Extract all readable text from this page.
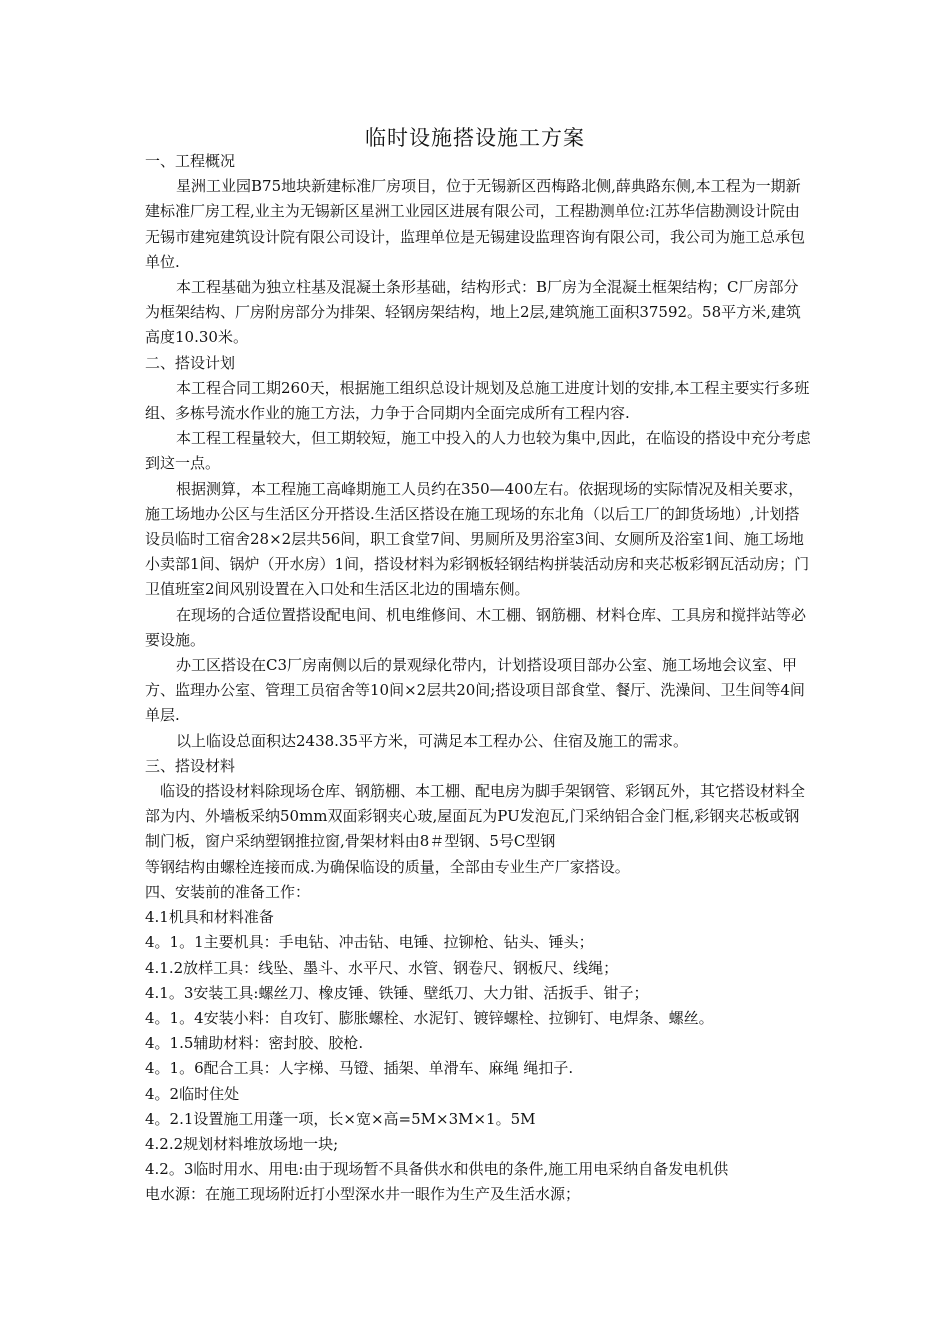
临时设施搭设施工方案

一、工程概况

星洲工业园B75地块新建标准厂房项目，位于无锡新区西梅路北侧,薛典路东侧,本工程为一期新建标准厂房工程,业主为无锡新区星洲工业园区进展有限公司，工程勘测单位:江苏华信勘测设计院由无锡市建宛建筑设计院有限公司设计，监理单位是无锡建设监理咨询有限公司，我公司为施工总承包单位.

本工程基础为独立柱基及混凝土条形基础，结构形式：B厂房为全混凝土框架结构；C厂房部分为框架结构、厂房附房部分为排架、轻钢房架结构，地上2层,建筑施工面积37592。58平方米,建筑高度10.30米。

二、搭设计划

本工程合同工期260天，根据施工组织总设计规划及总施工进度计划的安排,本工程主要实行多班组、多栋号流水作业的施工方法，力争于合同期内全面完成所有工程内容.

本工程工程量较大，但工期较短，施工中投入的人力也较为集中,因此，在临设的搭设中充分考虑到这一点。

根据测算，本工程施工高峰期施工人员约在350—400左右。依据现场的实际情况及相关要求，施工场地办公区与生活区分开搭设.生活区搭设在施工现场的东北角（以后工厂的卸货场地）,计划搭设员临时工宿舍28×2层共56间，职工食堂7间、男厕所及男浴室3间、女厕所及浴室1间、施工场地小卖部1间、锅炉（开水房）1间，搭设材料为彩钢板轻钢结构拼装活动房和夹芯板彩钢瓦活动房；门卫值班室2间风别设置在入口处和生活区北边的围墙东侧。

在现场的合适位置搭设配电间、机电维修间、木工棚、钢筋棚、材料仓库、工具房和搅拌站等必要设施。

办工区搭设在C3厂房南侧以后的景观绿化带内，计划搭设项目部办公室、施工场地会议室、甲方、监理办公室、管理工员宿舍等10间×2层共20间;搭设项目部食堂、餐厅、洗澡间、卫生间等4间单层.

以上临设总面积达2438.35平方米，可满足本工程办公、住宿及施工的需求。

三、搭设材料

临设的搭设材料除现场仓库、钢筋棚、本工棚、配电房为脚手架钢管、彩钢瓦外，其它搭设材料全部为内、外墙板采纳50mm双面彩钢夹心玻,屋面瓦为PU发泡瓦,门采纳铝合金门框,彩钢夹芯板或钢制门板，窗户采纳塑钢推拉窗,骨架材料由8＃型钢、5号C型钢

等钢结构由螺栓连接而成.为确保临设的质量，全部由专业生产厂家搭设。

四、安装前的准备工作：

4.1机具和材料准备

4。1。1主要机具：手电钻、冲击钻、电锤、拉铆枪、钻头、锤头；

4.1.2放样工具：线坠、墨斗、水平尺、水管、钢卷尺、钢板尺、线绳；

4.1。3安装工具:螺丝刀、橡皮锤、铁锤、壁纸刀、大力钳、活扳手、钳子；

4。1。4安装小料：自攻钉、膨胀螺栓、水泥钉、镀锌螺栓、拉铆钉、电焊条、螺丝。

4。1.5辅助材料：密封胶、胶枪.

4。1。6配合工具：人字梯、马镫、插架、单滑车、麻绳 绳扣子.

4。2临时住处

4。2.1设置施工用蓬一项，长×宽×高=5M×3M×1。5M

4.2.2规划材料堆放场地一块;

4.2。3临时用水、用电:由于现场暂不具备供水和供电的条件,施工用电采纳自备发电机供

电水源：在施工现场附近打小型深水井一眼作为生产及生活水源；
